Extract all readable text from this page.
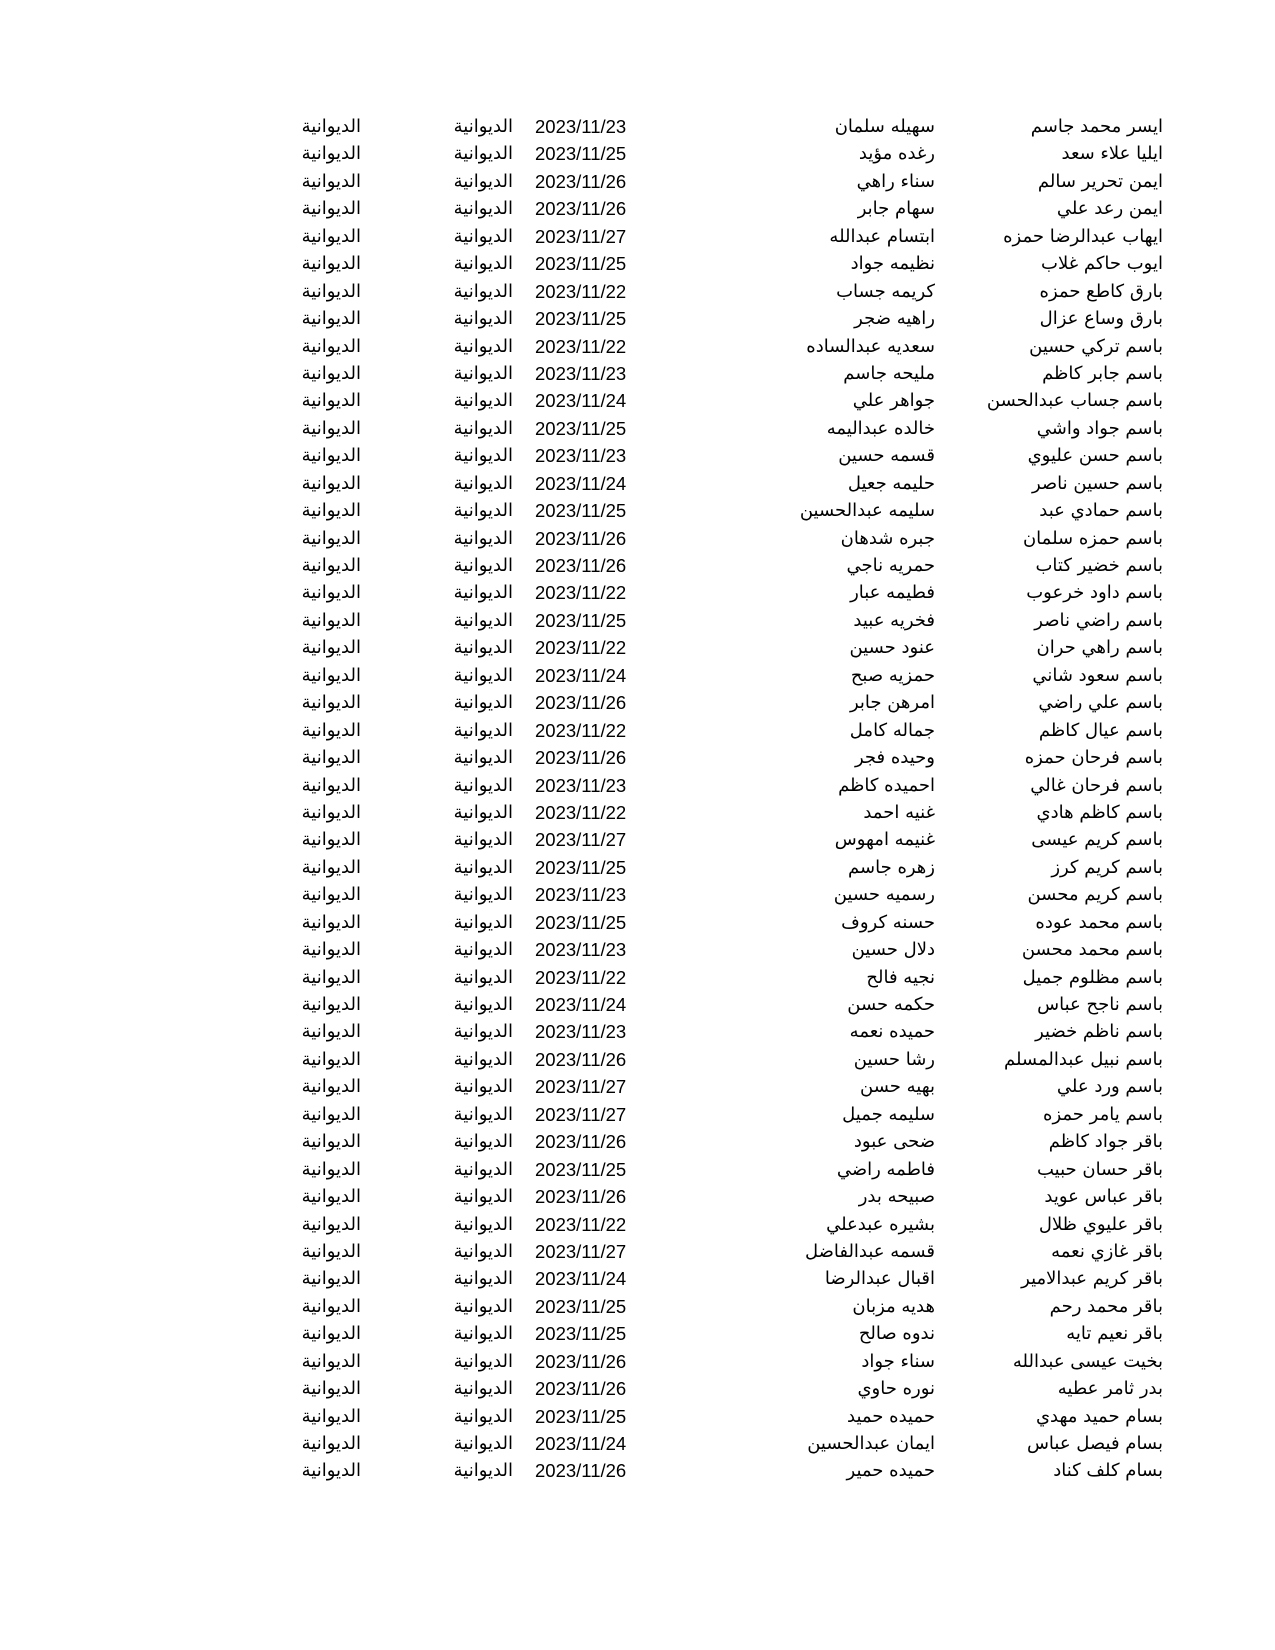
ايسر محمد جاسم
سهيله سلمان
2023/11/23
الديوانية
الديوانية
ايليا علاء سعد
رغده مؤيد
2023/11/25
الديوانية
الديوانية
ايمن تحرير سالم
سناء راهي
2023/11/26
الديوانية
الديوانية
ايمن رعد علي
سهام جابر
2023/11/26
الديوانية
الديوانية
ايهاب عبدالرضا حمزه
ابتسام عبدالله
2023/11/27
الديوانية
الديوانية
ايوب حاكم غلاب
نظيمه جواد
2023/11/25
الديوانية
الديوانية
بارق كاطع حمزه
كريمه جساب
2023/11/22
الديوانية
الديوانية
بارق وساع عزال
راهيه ضجر
2023/11/25
الديوانية
الديوانية
باسم تركي حسين
سعديه عبدالساده
2023/11/22
الديوانية
الديوانية
باسم جابر كاظم
مليحه جاسم
2023/11/23
الديوانية
الديوانية
باسم جساب عبدالحسن
جواهر علي
2023/11/24
الديوانية
الديوانية
باسم جواد واشي
خالده عبداليمه
2023/11/25
الديوانية
الديوانية
باسم حسن عليوي
قسمه حسين
2023/11/23
الديوانية
الديوانية
باسم حسين ناصر
حليمه جعيل
2023/11/24
الديوانية
الديوانية
باسم حمادي عبد
سليمه عبدالحسين
2023/11/25
الديوانية
الديوانية
باسم حمزه سلمان
جبره شدهان
2023/11/26
الديوانية
الديوانية
باسم خضير كتاب
حمريه ناجي
2023/11/26
الديوانية
الديوانية
باسم داود خرعوب
فطيمه عبار
2023/11/22
الديوانية
الديوانية
باسم راضي ناصر
فخريه عبيد
2023/11/25
الديوانية
الديوانية
باسم راهي حران
عنود حسين
2023/11/22
الديوانية
الديوانية
باسم سعود شاني
حمزيه صبح
2023/11/24
الديوانية
الديوانية
باسم علي راضي
امرهن جابر
2023/11/26
الديوانية
الديوانية
باسم عيال كاظم
جماله كامل
2023/11/22
الديوانية
الديوانية
باسم فرحان حمزه
وحيده فجر
2023/11/26
الديوانية
الديوانية
باسم فرحان غالي
احميده كاظم
2023/11/23
الديوانية
الديوانية
باسم كاظم هادي
غنيه احمد
2023/11/22
الديوانية
الديوانية
باسم كريم عيسى
غنيمه امهوس
2023/11/27
الديوانية
الديوانية
باسم كريم كرز
زهره جاسم
2023/11/25
الديوانية
الديوانية
باسم كريم محسن
رسميه حسين
2023/11/23
الديوانية
الديوانية
باسم محمد عوده
حسنه كروف
2023/11/25
الديوانية
الديوانية
باسم محمد محسن
دلال حسين
2023/11/23
الديوانية
الديوانية
باسم مظلوم جميل
نجيه فالح
2023/11/22
الديوانية
الديوانية
باسم ناجح عباس
حكمه حسن
2023/11/24
الديوانية
الديوانية
باسم ناظم خضير
حميده نعمه
2023/11/23
الديوانية
الديوانية
باسم نبيل عبدالمسلم
رشا حسين
2023/11/26
الديوانية
الديوانية
باسم ورد علي
بهيه حسن
2023/11/27
الديوانية
الديوانية
باسم يامر حمزه
سليمه جميل
2023/11/27
الديوانية
الديوانية
باقر جواد كاظم
ضحى عبود
2023/11/26
الديوانية
الديوانية
باقر حسان حبيب
فاطمه راضي
2023/11/25
الديوانية
الديوانية
باقر عباس عويد
صبيحه بدر
2023/11/26
الديوانية
الديوانية
باقر عليوي ظلال
بشيره عبدعلي
2023/11/22
الديوانية
الديوانية
باقر غازي نعمه
قسمه عبدالفاضل
2023/11/27
الديوانية
الديوانية
باقر كريم عبدالامير
اقبال عبدالرضا
2023/11/24
الديوانية
الديوانية
باقر محمد رحم
هديه مزبان
2023/11/25
الديوانية
الديوانية
باقر نعيم تايه
ندوه صالح
2023/11/25
الديوانية
الديوانية
بخيت عيسى عبدالله
سناء جواد
2023/11/26
الديوانية
الديوانية
بدر ثامر عطيه
نوره حاوي
2023/11/26
الديوانية
الديوانية
بسام حميد مهدي
حميده حميد
2023/11/25
الديوانية
الديوانية
بسام فيصل عباس
ايمان عبدالحسين
2023/11/24
الديوانية
الديوانية
بسام كلف كناد
حميده حمير
2023/11/26
الديوانية
الديوانية
